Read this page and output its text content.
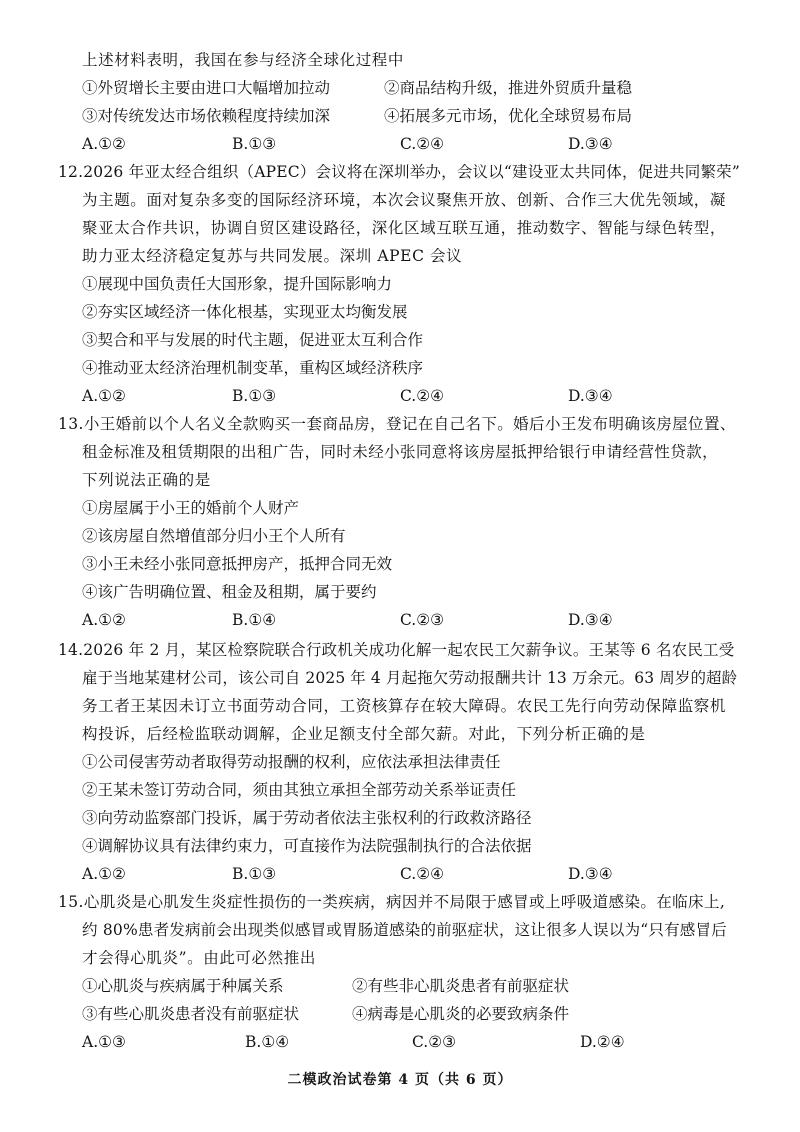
上述材料表明，我国在参与经济全球化过程中
①外贸增长主要由进口大幅增加拉动	②商品结构升级，推进外贸质升量稳
③对传统发达市场依赖程度持续加深	④拓展多元市场，优化全球贸易布局
A.①②	B.①③	C.②④	D.③④
12.2026 年亚太经合组织（APEC）会议将在深圳举办，会议以“建设亚太共同体，促进共同繁荣”
为主题。面对复杂多变的国际经济环境，本次会议聚焦开放、创新、合作三大优先领域，凝
聚亚太合作共识，协调自贸区建设路径，深化区域互联互通，推动数字、智能与绿色转型，
助力亚太经济稳定复苏与共同发展。深圳 APEC 会议
①展现中国负责任大国形象，提升国际影响力
②夯实区域经济一体化根基，实现亚太均衡发展
③契合和平与发展的时代主题，促进亚太互利合作
④推动亚太经济治理机制变革，重构区域经济秩序
A.①②	B.①③	C.②④	D.③④
13.小王婚前以个人名义全款购买一套商品房，登记在自己名下。婚后小王发布明确该房屋位置、
租金标准及租赁期限的出租广告，同时未经小张同意将该房屋抵押给银行申请经营性贷款，
下列说法正确的是
①房屋属于小王的婚前个人财产
②该房屋自然增值部分归小王个人所有
③小王未经小张同意抵押房产，抵押合同无效
④该广告明确位置、租金及租期，属于要约
A.①②	B.①④	C.②③	D.③④
14.2026 年 2 月，某区检察院联合行政机关成功化解一起农民工欠薪争议。王某等 6 名农民工受
雇于当地某建材公司，该公司自 2025 年 4 月起拖欠劳动报酬共计 13 万余元。63 周岁的超龄
务工者王某因未订立书面劳动合同，工资核算存在较大障碍。农民工先行向劳动保障监察机
构投诉，后经检监联动调解，企业足额支付全部欠薪。对此，下列分析正确的是
①公司侵害劳动者取得劳动报酬的权利，应依法承担法律责任
②王某未签订劳动合同，须由其独立承担全部劳动关系举证责任
③向劳动监察部门投诉，属于劳动者依法主张权利的行政救济路径
④调解协议具有法律约束力，可直接作为法院强制执行的合法依据
A.①②	B.①③	C.②④	D.③④
15.心肌炎是心肌发生炎症性损伤的一类疾病，病因并不局限于感冒或上呼吸道感染。在临床上,
约 80%患者发病前会出现类似感冒或胃肠道感染的前驱症状，这让很多人误以为“只有感冒后
才会得心肌炎”。由此可必然推出
①心肌炎与疾病属于种属关系	②有些非心肌炎患者有前驱症状
③有些心肌炎患者没有前驱症状	④病毒是心肌炎的必要致病条件
A.①③	B.①④	C.②③	D.②④
二模政治试卷第 4 页（共 6 页）
